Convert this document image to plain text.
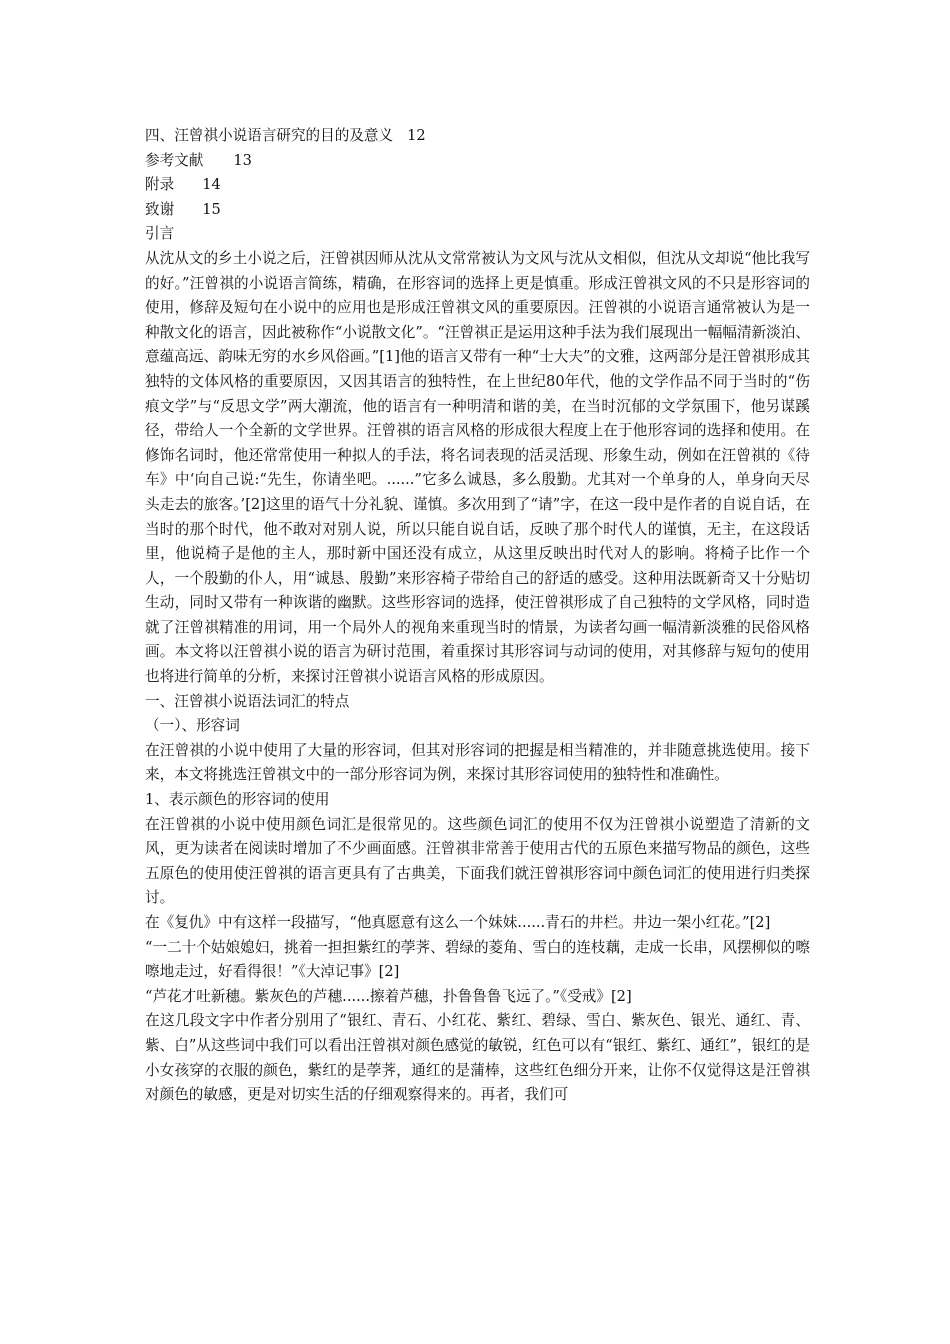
四、汪曾祺小说语言研究的目的及意义 12
参考文献 13
附录 14
致谢 15
引言
从沈从文的乡土小说之后，汪曾祺因师从沈从文常常被认为文风与沈从文相似，但沈从文却说“他比我写的好。”汪曾祺的小说语言简练，精确，在形容词的选择上更是慎重。形成汪曾祺文风的不只是形容词的使用，修辞及短句在小说中的应用也是形成汪曾祺文风的重要原因。汪曾祺的小说语言通常被认为是一种散文化的语言，因此被称作“小说散文化”。“汪曾祺正是运用这种手法为我们展现出一幅幅清新淡泊、意蕴高远、韵味无穷的水乡风俗画。”[1]他的语言又带有一种“士大夫”的文雅，这两部分是汪曾祺形成其独特的文体风格的重要原因，又因其语言的独特性，在上世纪80年代，他的文学作品不同于当时的“伤痕文学”与“反思文学”两大潮流，他的语言有一种明清和谐的美，在当时沉郁的文学氛围下，他另谋蹊径，带给人一个全新的文学世界。汪曾祺的语言风格的形成很大程度上在于他形容词的选择和使用。在修饰名词时，他还常常使用一种拟人的手法，将名词表现的活灵活现、形象生动，例如在汪曾祺的《待车》中‘向自己说:“先生，你请坐吧。......”它多么诚恳，多么殷勤。尤其对一个单身的人，单身向天尽头走去的旅客。’[2]这里的语气十分礼貌、谨慎。多次用到了“请”字，在这一段中是作者的自说自话，在当时的那个时代，他不敢对对别人说，所以只能自说自话，反映了那个时代人的谨慎，无主，在这段话里，他说椅子是他的主人，那时新中国还没有成立，从这里反映出时代对人的影响。将椅子比作一个人，一个殷勤的仆人，用“诚恳、殷勤”来形容椅子带给自己的舒适的感受。这种用法既新奇又十分贴切生动，同时又带有一种诙谐的幽默。这些形容词的选择，使汪曾祺形成了自己独特的文学风格，同时造就了汪曾祺精准的用词，用一个局外人的视角来重现当时的情景，为读者勾画一幅清新淡雅的民俗风格画。本文将以汪曾祺小说的语言为研讨范围，着重探讨其形容词与动词的使用，对其修辞与短句的使用也将进行简单的分析，来探讨汪曾祺小说语言风格的形成原因。
一、汪曾祺小说语法词汇的特点
（一）、形容词
在汪曾祺的小说中使用了大量的形容词，但其对形容词的把握是相当精准的，并非随意挑选使用。接下来，本文将挑选汪曾祺文中的一部分形容词为例，来探讨其形容词使用的独特性和准确性。
1、表示颜色的形容词的使用
在汪曾祺的小说中使用颜色词汇是很常见的。这些颜色词汇的使用不仅为汪曾祺小说塑造了清新的文风，更为读者在阅读时增加了不少画面感。汪曾祺非常善于使用古代的五原色来描写物品的颜色，这些五原色的使用使汪曾祺的语言更具有了古典美，下面我们就汪曾祺形容词中颜色词汇的使用进行归类探讨。
在《复仇》中有这样一段描写，“他真愿意有这么一个妹妹......青石的井栏。井边一架小红花。”[2]
“一二十个姑娘媳妇，挑着一担担紫红的荸荠、碧绿的菱角、雪白的连枝藕，走成一长串，风摆柳似的嚓嚓地走过，好看得很！”《大淖记事》[2]
“芦花才吐新穗。紫灰色的芦穗......擦着芦穗，扑鲁鲁鲁飞远了。”《受戒》[2]
在这几段文字中作者分别用了“银红、青石、小红花、紫红、碧绿、雪白、紫灰色、银光、通红、青、紫、白”从这些词中我们可以看出汪曾祺对颜色感觉的敏锐，红色可以有“银红、紫红、通红”，银红的是小女孩穿的衣服的颜色，紫红的是荸荠，通红的是蒲棒，这些红色细分开来，让你不仅觉得这是汪曾祺对颜色的敏感，更是对切实生活的仔细观察得来的。再者，我们可
